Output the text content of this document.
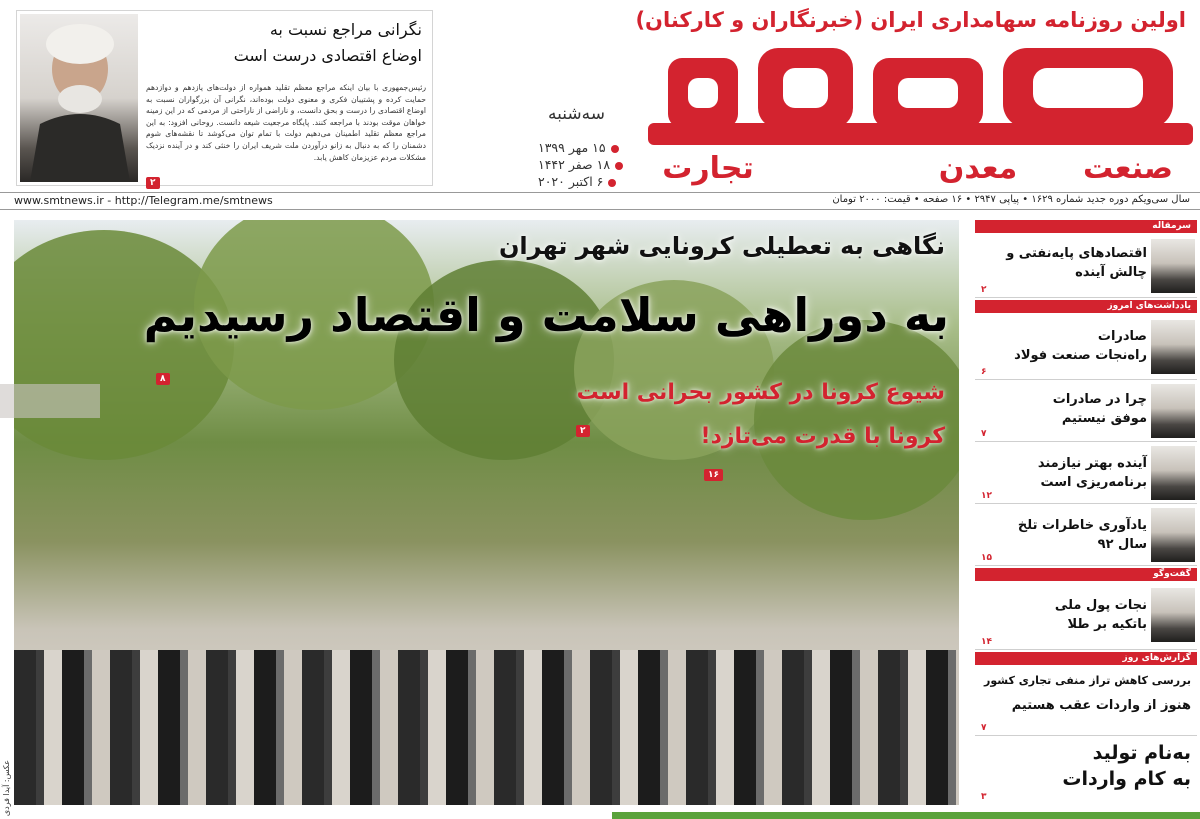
اولین روزنامه سهامداری ایران (خبرنگاران و کارکنان)
تجارت	معدن صنعت
سه‌شنبه
۱۵ مهر ۱۳۹۹
۱۸ صفر ۱۴۴۲
۶ اکتبر ۲۰۲۰
نگرانی مراجع نسبت به
اوضاع اقتصادی درست است
رئیس‌جمهوری با بیان اینکه مراجع معظم تقلید همواره از دولت‌های یازدهم و دوازدهم حمایت کرده و پشتیبان فکری و معنوی دولت بوده‌اند، نگرانی آن بزرگواران نسبت به اوضاع اقتصادی را درست و بحق دانست، و ناراضی از ناراحتی از مردمی که در این زمینه خواهان موقت بودند با مراجعه کنند. پایگاه مرجعیت شیعه دانست. روحانی افزود: به این مراجع معظم تقلید اطمینان می‌دهیم دولت با تمام توان می‌کوشد تا نقشه‌های شوم دشمنان را که به دنبال به زانو درآوردن ملت شریف ایران را خنثی کند و در آینده نزدیک مشکلات مردم عزیزمان کاهش یابد.
۲
سال سی‌ویکم دوره جدید شماره ۱۶۲۹ • پیاپی ۲۹۴۷ • ۱۶ صفحه • قیمت: ۲۰۰۰ تومان
www.smtnews.ir - http://Telegram.me/smtnews
نگاهی به تعطیلی کرونایی شهر تهران
به دوراهی سلامت و اقتصاد رسیدیم
۸
شیوع کرونا در کشور بحرانی است
۲	کرونا با قدرت می‌تازد!
۱۶
عکس: آیدا فردی
سرمقاله
اقتصادهای پایه‌نفتی و
چالش آینده
۲
یادداشت‌های امروز
صادرات
راه‌نجات صنعت فولاد
۶
چرا در صادرات
موفق نیستیم
۷
آینده بهتر نیازمند
برنامه‌ریزی است
۱۲
یادآوری خاطرات تلخ
سال ۹۲
۱۵
گفت‌وگو
نجات پول ملی
باتکیه بر طلا
۱۴
گزارش‌های روز
بررسی کاهش تراز منفی تجاری کشور
هنوز از واردات عقب هستیم
۷
به‌نام تولید
به کام واردات
۳
